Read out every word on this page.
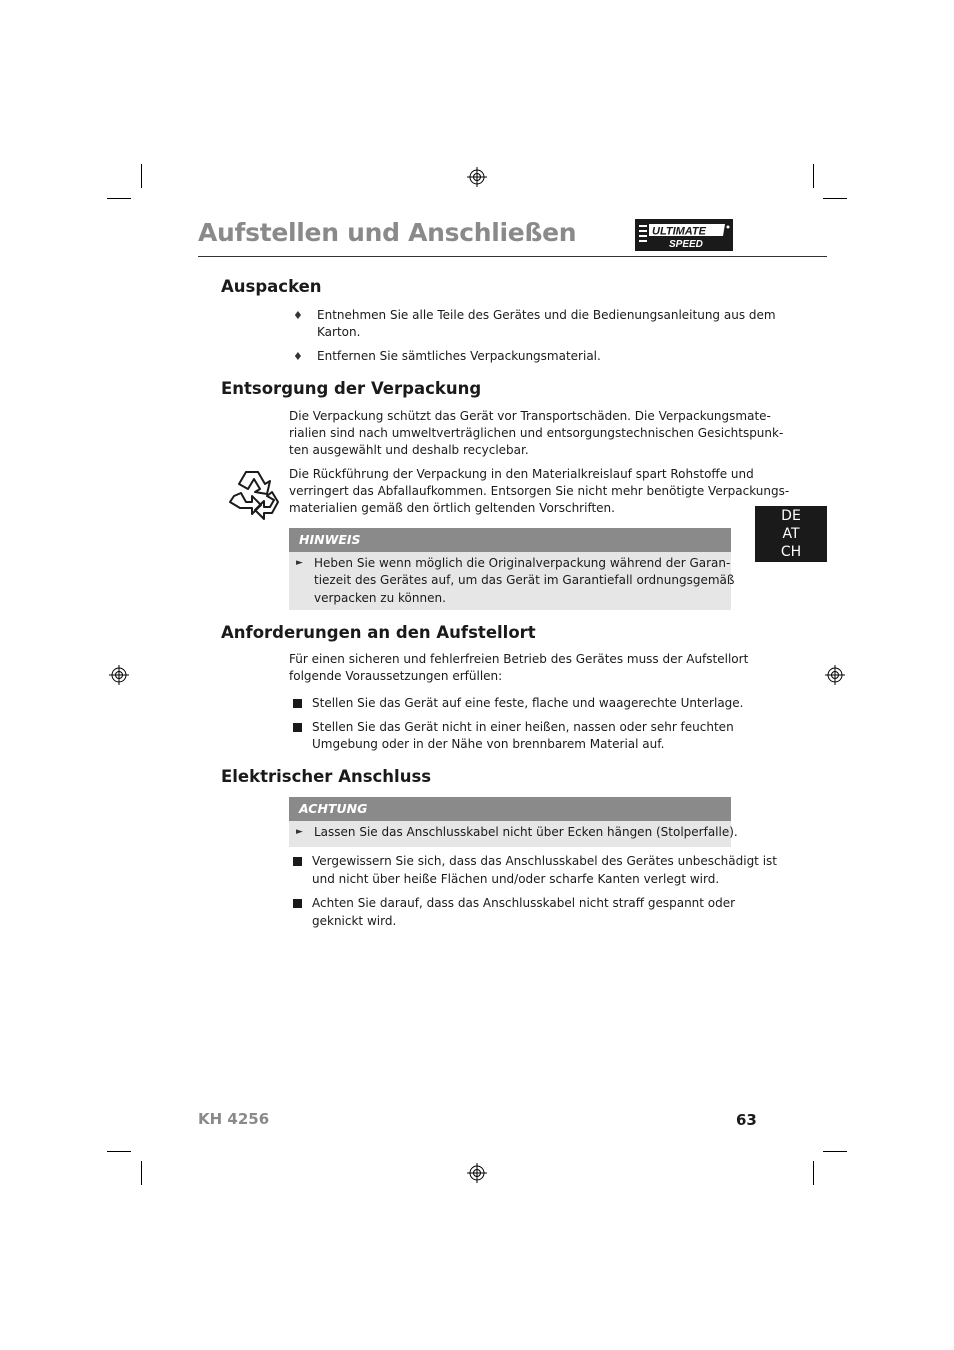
Aufstellen und Anschließen	ULTIMATE
SPEED
DE
AT
CH
Auspacken
♦ Entnehmen Sie alle Teile des Gerätes und die Bedienungsanleitung aus dem
Karton.
♦ Entfernen Sie sämtliches Verpackungsmaterial.
Entsorgung der Verpackung
Die Verpackung schützt das Gerät vor Transportschäden. Die Verpackungsmate-
rialien sind nach umweltverträglichen und entsorgungstechnischen Gesichtspunk-
ten ausgewählt und deshalb recyclebar.
Die Rückführung der Verpackung in den Materialkreislauf spart Rohstoffe und
verringert das Abfallaufkommen. Entsorgen Sie nicht mehr benötigte Verpackungs-
materialien gemäß den örtlich geltenden Vorschriften.
HINWEIS
► Heben Sie wenn möglich die Originalverpackung während der Garan-
tiezeit des Gerätes auf, um das Gerät im Garantiefall ordnungsgemäß
verpacken zu können.
Anforderungen an den Aufstellort
Für einen sicheren und fehlerfreien Betrieb des Gerätes muss der Aufstellort
folgende Voraussetzungen erfüllen:
Stellen Sie das Gerät auf eine feste, flache und waagerechte Unterlage.
Stellen Sie das Gerät nicht in einer heißen, nassen oder sehr feuchten
Umgebung oder in der Nähe von brennbarem Material auf.
Elektrischer Anschluss
ACHTUNG
► Lassen Sie das Anschlusskabel nicht über Ecken hängen (Stolperfalle).
Vergewissern Sie sich, dass das Anschlusskabel des Gerätes unbeschädigt ist
und nicht über heiße Flächen und/oder scharfe Kanten verlegt wird.
Achten Sie darauf, dass das Anschlusskabel nicht straff gespannt oder
geknickt wird.
KH 4256	63
